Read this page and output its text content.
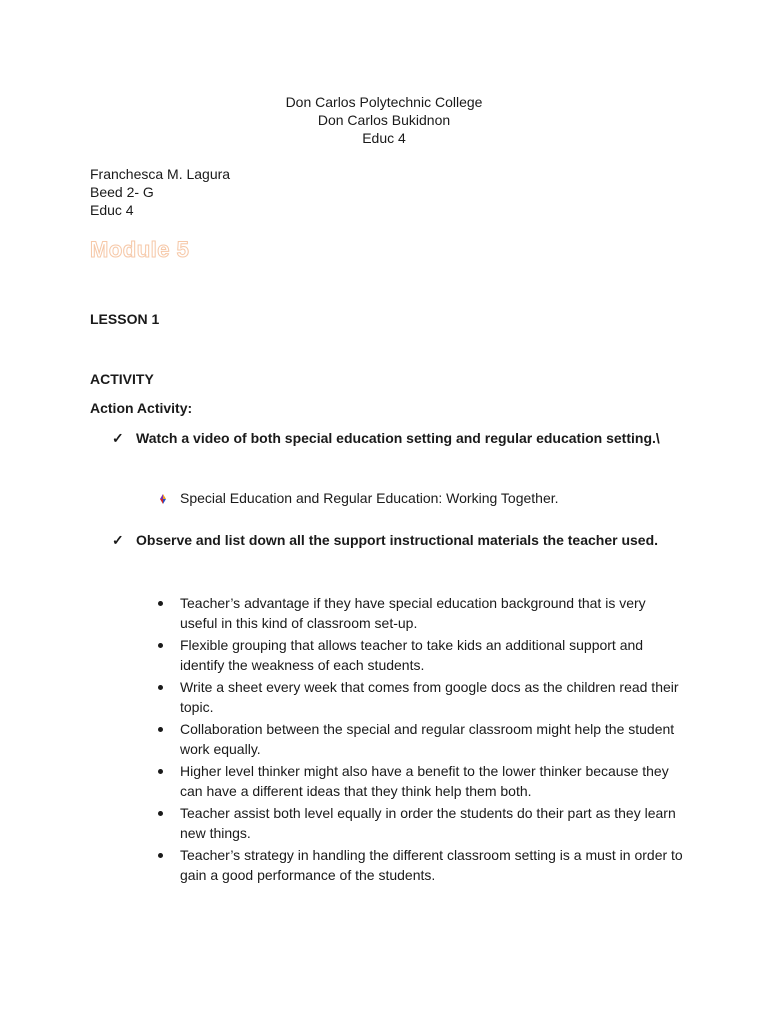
Don Carlos Polytechnic College
Don Carlos Bukidnon
Educ 4
Franchesca M. Lagura
Beed 2- G
Educ 4
Module 5
LESSON 1
ACTIVITY
Action Activity:
✓ Watch a video of both special education setting and regular education setting.\
Special Education and Regular Education: Working Together.
✓ Observe and list down all the support instructional materials the teacher used.
Teacher’s advantage if they have special education background that is very useful in this kind of classroom set-up.
Flexible grouping that allows teacher to take kids an additional support and identify the weakness of each students.
Write a sheet every week that comes from google docs as the children read their topic.
Collaboration between the special and regular classroom might help the student work equally.
Higher level thinker might also have a benefit to the lower thinker because they can have a different ideas that they think help them both.
Teacher assist both level equally in order the students do their part as they learn new things.
Teacher’s strategy in handling the different classroom setting is a must in order to gain a good performance of the students.
